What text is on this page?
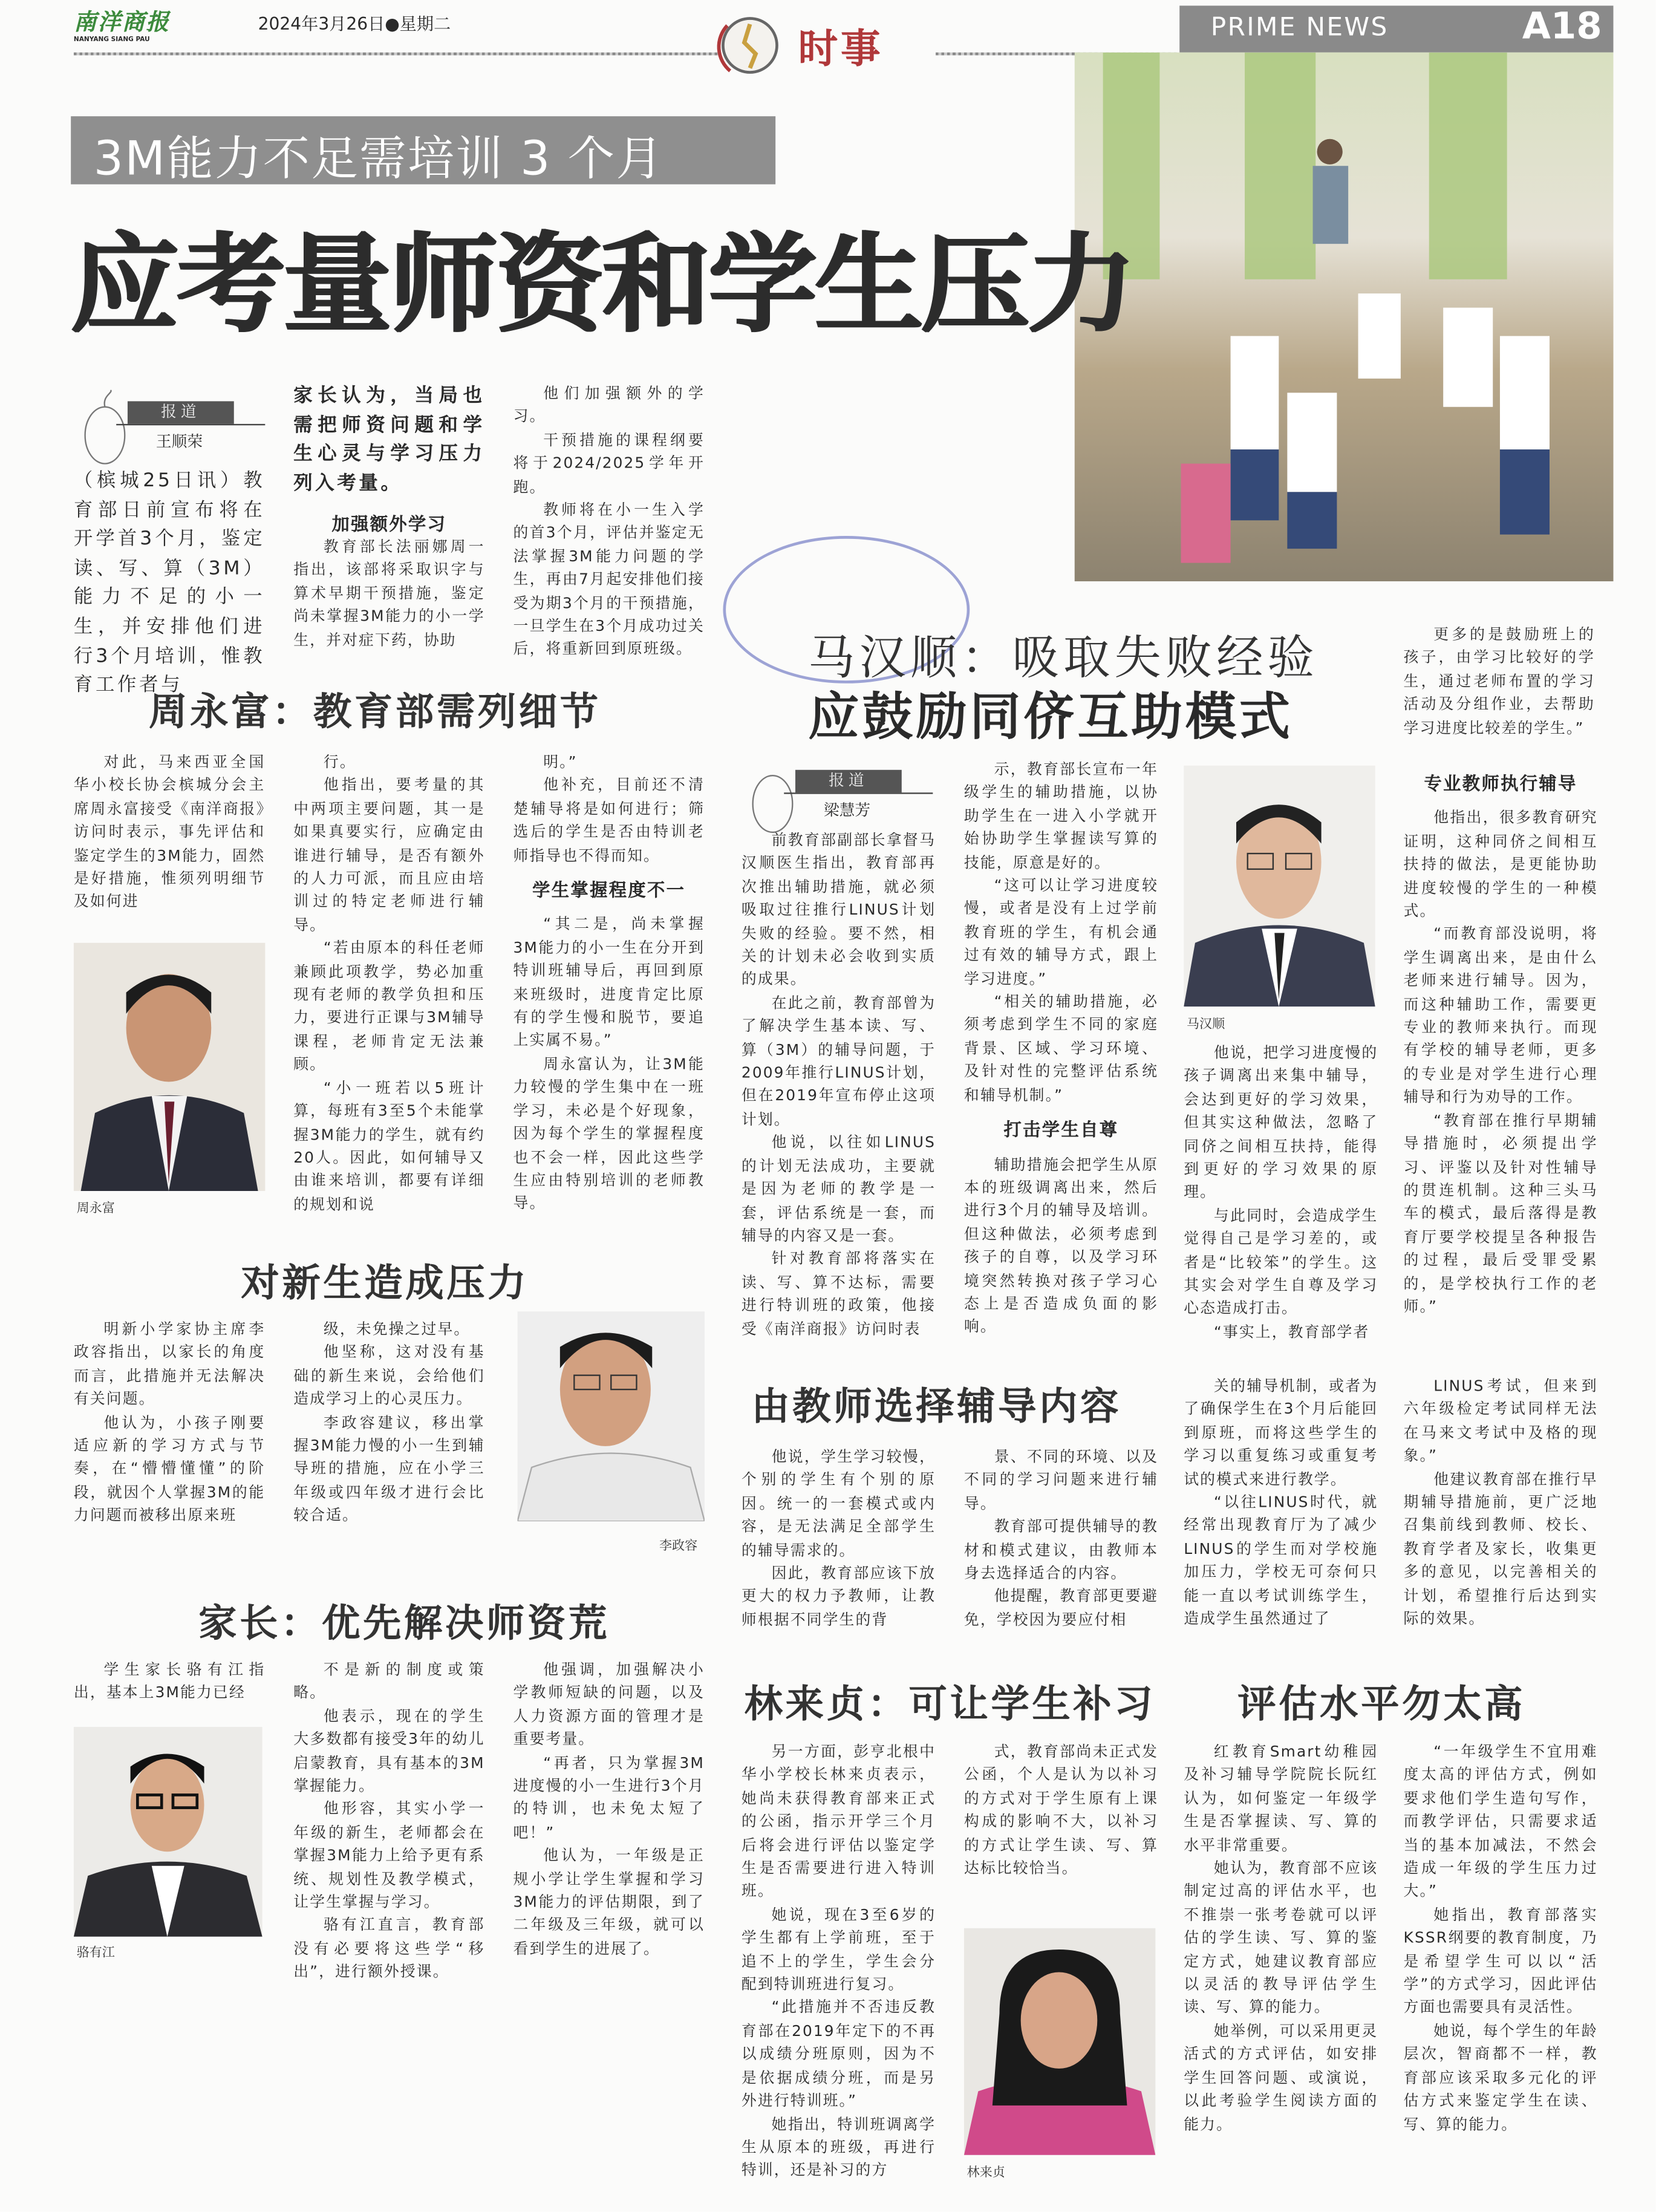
南洋商报
NANYANG SIANG PAU
2024年3月26日●星期二
时事	PRIME NEWS	A18
3M能力不足需培训 3 个月
应考量师资和学生压力
报道
王顺荣

（槟城25日讯）教育部日前宣布将在开学首3个月，鉴定读、写、算（3M）能力不足的小一生，并安排他们进行3个月培训，惟教育工作者与

家长认为，当局也需把师资问题和学生心灵与学习压力列入考量。

加强额外学习

教育部长法丽娜周一指出，该部将采取识字与算术早期干预措施，鉴定尚未掌握3M能力的小一学生，并对症下药，协助

他们加强额外的学习。

干预措施的课程纲要将于2024/2025学年开跑。

教师将在小一生入学的首3个月，评估并鉴定无法掌握3M能力问题的学生，再由7月起安排他们接受为期3个月的干预措施，一旦学生在3个月成功过关后，将重新回到原班级。

周永富：教育部需列细节

对此，马来西亚全国华小校长协会槟城分会主席周永富接受《南洋商报》访问时表示，事先评估和鉴定学生的3M能力，固然是好措施，惟须列明细节及如何进

周永富

行。

他指出，要考量的其中两项主要问题，其一是如果真要实行，应确定由谁进行辅导，是否有额外的人力可派，而且应由培训过的特定老师进行辅导。

“若由原本的科任老师兼顾此项教学，势必加重现有老师的教学负担和压力，要进行正课与3M辅导课程，老师肯定无法兼顾。

“小一班若以5班计算，每班有3至5个未能掌握3M能力的学生，就有约20人。因此，如何辅导又由谁来培训，都要有详细的规划和说

明。”

他补充，目前还不清楚辅导将是如何进行；筛选后的学生是否由特训老师指导也不得而知。

学生掌握程度不一

“其二是，尚未掌握3M能力的小一生在分开到特训班辅导后，再回到原来班级时，进度肯定比原有的学生慢和脱节，要追上实属不易。”

周永富认为，让3M能力较慢的学生集中在一班学习，未必是个好现象，因为每个学生的掌握程度也不会一样，因此这些学生应由特别培训的老师教导。

对新生造成压力

明新小学家协主席李政容指出，以家长的角度而言，此措施并无法解决有关问题。

他认为，小孩子刚要适应新的学习方式与节奏，在“懵懵懂懂”的阶段，就因个人掌握3M的能力问题而被移出原来班

级，未免操之过早。

他坚称，这对没有基础的新生来说，会给他们造成学习上的心灵压力。

李政容建议，移出掌握3M能力慢的小一生到辅导班的措施，应在小学三年级或四年级才进行会比较合适。

李政容
家长：优先解决师资荒

学生家长骆有江指出，基本上3M能力已经

骆有江

不是新的制度或策略。

他表示，现在的学生大多数都有接受3年的幼儿启蒙教育，具有基本的3M掌握能力。

他形容，其实小学一年级的新生，老师都会在掌握3M能力上给予更有系统、规划性及教学模式，让学生掌握与学习。

骆有江直言，教育部没有必要将这些学“移出”，进行额外授课。

他强调，加强解决小学教师短缺的问题，以及人力资源方面的管理才是重要考量。

“再者，只为掌握3M进度慢的小一生进行3个月的特训，也未免太短了吧！”

他认为，一年级是正规小学让学生掌握和学习3M能力的评估期限，到了二年级及三年级，就可以看到学生的进展了。

马汉顺：吸取失败经验
应鼓励同侪互助模式

更多的是鼓励班上的孩子，由学习比较好的学生，通过老师布置的学习活动及分组作业，去帮助学习进度比较差的学生。”

报道
梁慧芳

前教育部副部长拿督马汉顺医生指出，教育部再次推出辅助措施，就必须吸取过往推行LINUS计划失败的经验。要不然，相关的计划未必会收到实质的成果。

在此之前，教育部曾为了解决学生基本读、写、算（3M）的辅导问题，于2009年推行LINUS计划，但在2019年宣布停止这项计划。

他说，以往如LINUS的计划无法成功，主要就是因为老师的教学是一套，评估系统是一套，而辅导的内容又是一套。

针对教育部将落实在读、写、算不达标，需要进行特训班的政策，他接受《南洋商报》访问时表

示，教育部长宣布一年级学生的辅助措施，以协助学生在一进入小学就开始协助学生掌握读写算的技能，原意是好的。

“这可以让学习进度较慢，或者是没有上过学前教育班的学生，有机会通过有效的辅导方式，跟上学习进度。”

“相关的辅助措施，必须考虑到学生不同的家庭背景、区域、学习环境、及针对性的完整评估系统和辅导机制。”

打击学生自尊

辅助措施会把学生从原本的班级调离出来，然后进行3个月的辅导及培训。但这种做法，必须考虑到孩子的自尊，以及学习环境突然转换对孩子学习心态上是否造成负面的影响。

马汉顺

他说，把学习进度慢的孩子调离出来集中辅导，会达到更好的学习效果，但其实这种做法，忽略了同侪之间相互扶持，能得到更好的学习效果的原理。

与此同时，会造成学生觉得自己是学习差的，或者是“比较笨”的学生。这其实会对学生自尊及学习心态造成打击。

“事实上，教育部学者

专业教师执行辅导

他指出，很多教育研究证明，这种同侪之间相互扶持的做法，是更能协助进度较慢的学生的一种模式。

“而教育部没说明，将学生调离出来，是由什么老师来进行辅导。因为，而这种辅助工作，需要更专业的教师来执行。而现有学校的辅导老师，更多的专业是对学生进行心理辅导和行为劝导的工作。

“教育部在推行早期辅导措施时，必须提出学习、评鉴以及针对性辅导的贯连机制。这种三头马车的模式，最后落得是教育厅要学校提呈各种报告的过程，最后受罪受累的，是学校执行工作的老师。”

由教师选择辅导内容

他说，学生学习较慢，个别的学生有个别的原因。统一的一套模式或内容，是无法满足全部学生的辅导需求的。

因此，教育部应该下放更大的权力予教师，让教师根据不同学生的背

景、不同的环境、以及不同的学习问题来进行辅导。

教育部可提供辅导的教材和模式建议，由教师本身去选择适合的内容。

他提醒，教育部更要避免，学校因为要应付相

关的辅导机制，或者为了确保学生在3个月后能回到原班，而将这些学生的学习以重复练习或重复考试的模式来进行教学。

“以往LINUS时代，就经常出现教育厅为了减少LINUS的学生而对学校施加压力，学校无可奈何只能一直以考试训练学生，造成学生虽然通过了

LINUS考试，但来到六年级检定考试同样无法在马来文考试中及格的现象。”

他建议教育部在推行早期辅导措施前，更广泛地召集前线到教师、校长、教育学者及家长，收集更多的意见，以完善相关的计划，希望推行后达到实际的效果。

林来贞：可让学生补习	评估水平勿太高

另一方面，彭亨北根中华小学校长林来贞表示，她尚未获得教育部来正式的公函，指示开学三个月后将会进行评估以鉴定学生是否需要进行进入特训班。

她说，现在3至6岁的学生都有上学前班，至于追不上的学生，学生会分配到特训班进行复习。

“此措施并不否违反教育部在2019年定下的不再以成绩分班原则，因为不是依据成绩分班，而是另外进行特训班。”

她指出，特训班调离学生从原本的班级，再进行特训，还是补习的方

式，教育部尚未正式发公函，个人是认为以补习的方式对于学生原有上课构成的影响不大，以补习的方式让学生读、写、算达标比较恰当。

林来贞

红教育Smart幼稚园及补习辅导学院院长阮红认为，如何鉴定一年级学生是否掌握读、写、算的水平非常重要。

她认为，教育部不应该制定过高的评估水平，也不推崇一张考卷就可以评估的学生读、写、算的鉴定方式，她建议教育部应以灵活的教导评估学生读、写、算的能力。

她举例，可以采用更灵活式的方式评估，如安排学生回答问题、或演说，以此考验学生阅读方面的能力。

“一年级学生不宜用难度太高的评估方式，例如要求他们学生造句写作，而教学评估，只需要求适当的基本加减法，不然会造成一年级的学生压力过大。”

她指出，教育部落实KSSR纲要的教育制度，乃是希望学生可以以“活学”的方式学习，因此评估方面也需要具有灵活性。

她说，每个学生的年龄层次，智商都不一样，教育部应该采取多元化的评估方式来鉴定学生在读、写、算的能力。
